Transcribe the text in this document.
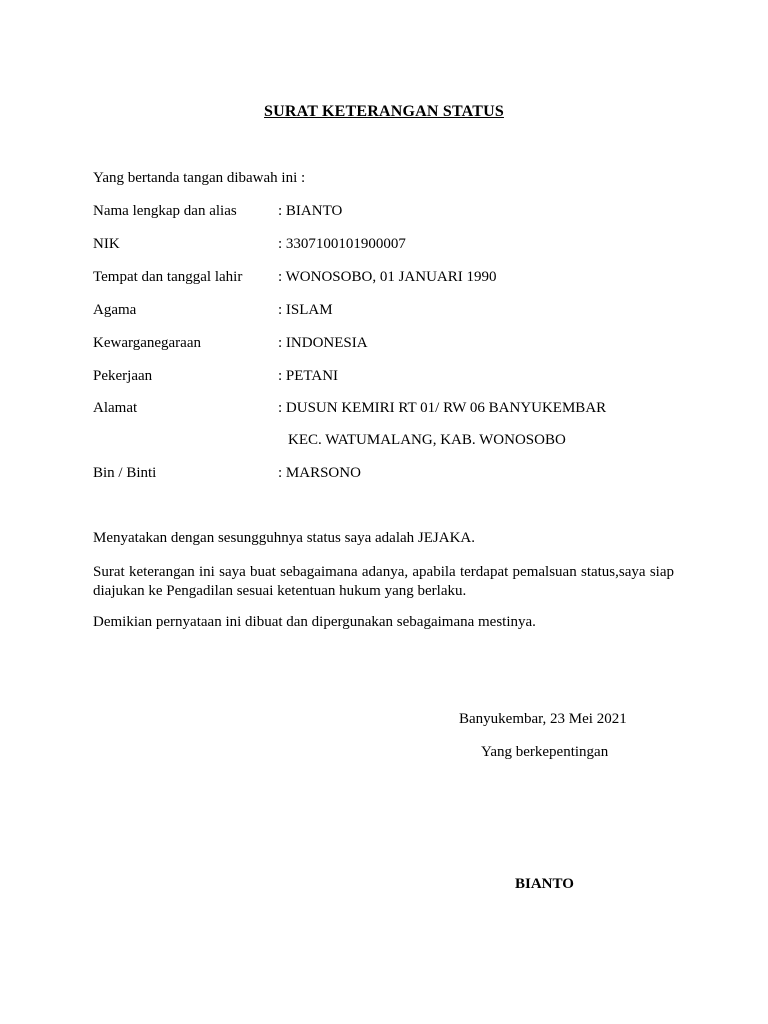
SURAT KETERANGAN STATUS
Yang bertanda tangan dibawah ini :
Nama lengkap dan alias	: BIANTO
NIK	: 3307100101900007
Tempat dan tanggal lahir : WONOSOBO, 01 JANUARI 1990
Agama	: ISLAM
Kewarganegaraan	: INDONESIA
Pekerjaan	: PETANI
Alamat	: DUSUN KEMIRI RT 01/ RW 06 BANYUKEMBAR
KEC. WATUMALANG, KAB. WONOSOBO
Bin / Binti	: MARSONO
Menyatakan dengan sesungguhnya status saya adalah JEJAKA.
Surat keterangan ini saya buat sebagaimana adanya, apabila terdapat pemalsuan status,saya siap diajukan ke Pengadilan sesuai ketentuan hukum yang berlaku.
Demikian pernyataan ini dibuat dan dipergunakan sebagaimana mestinya.
Banyukembar, 23 Mei 2021
Yang berkepentingan
BIANTO
